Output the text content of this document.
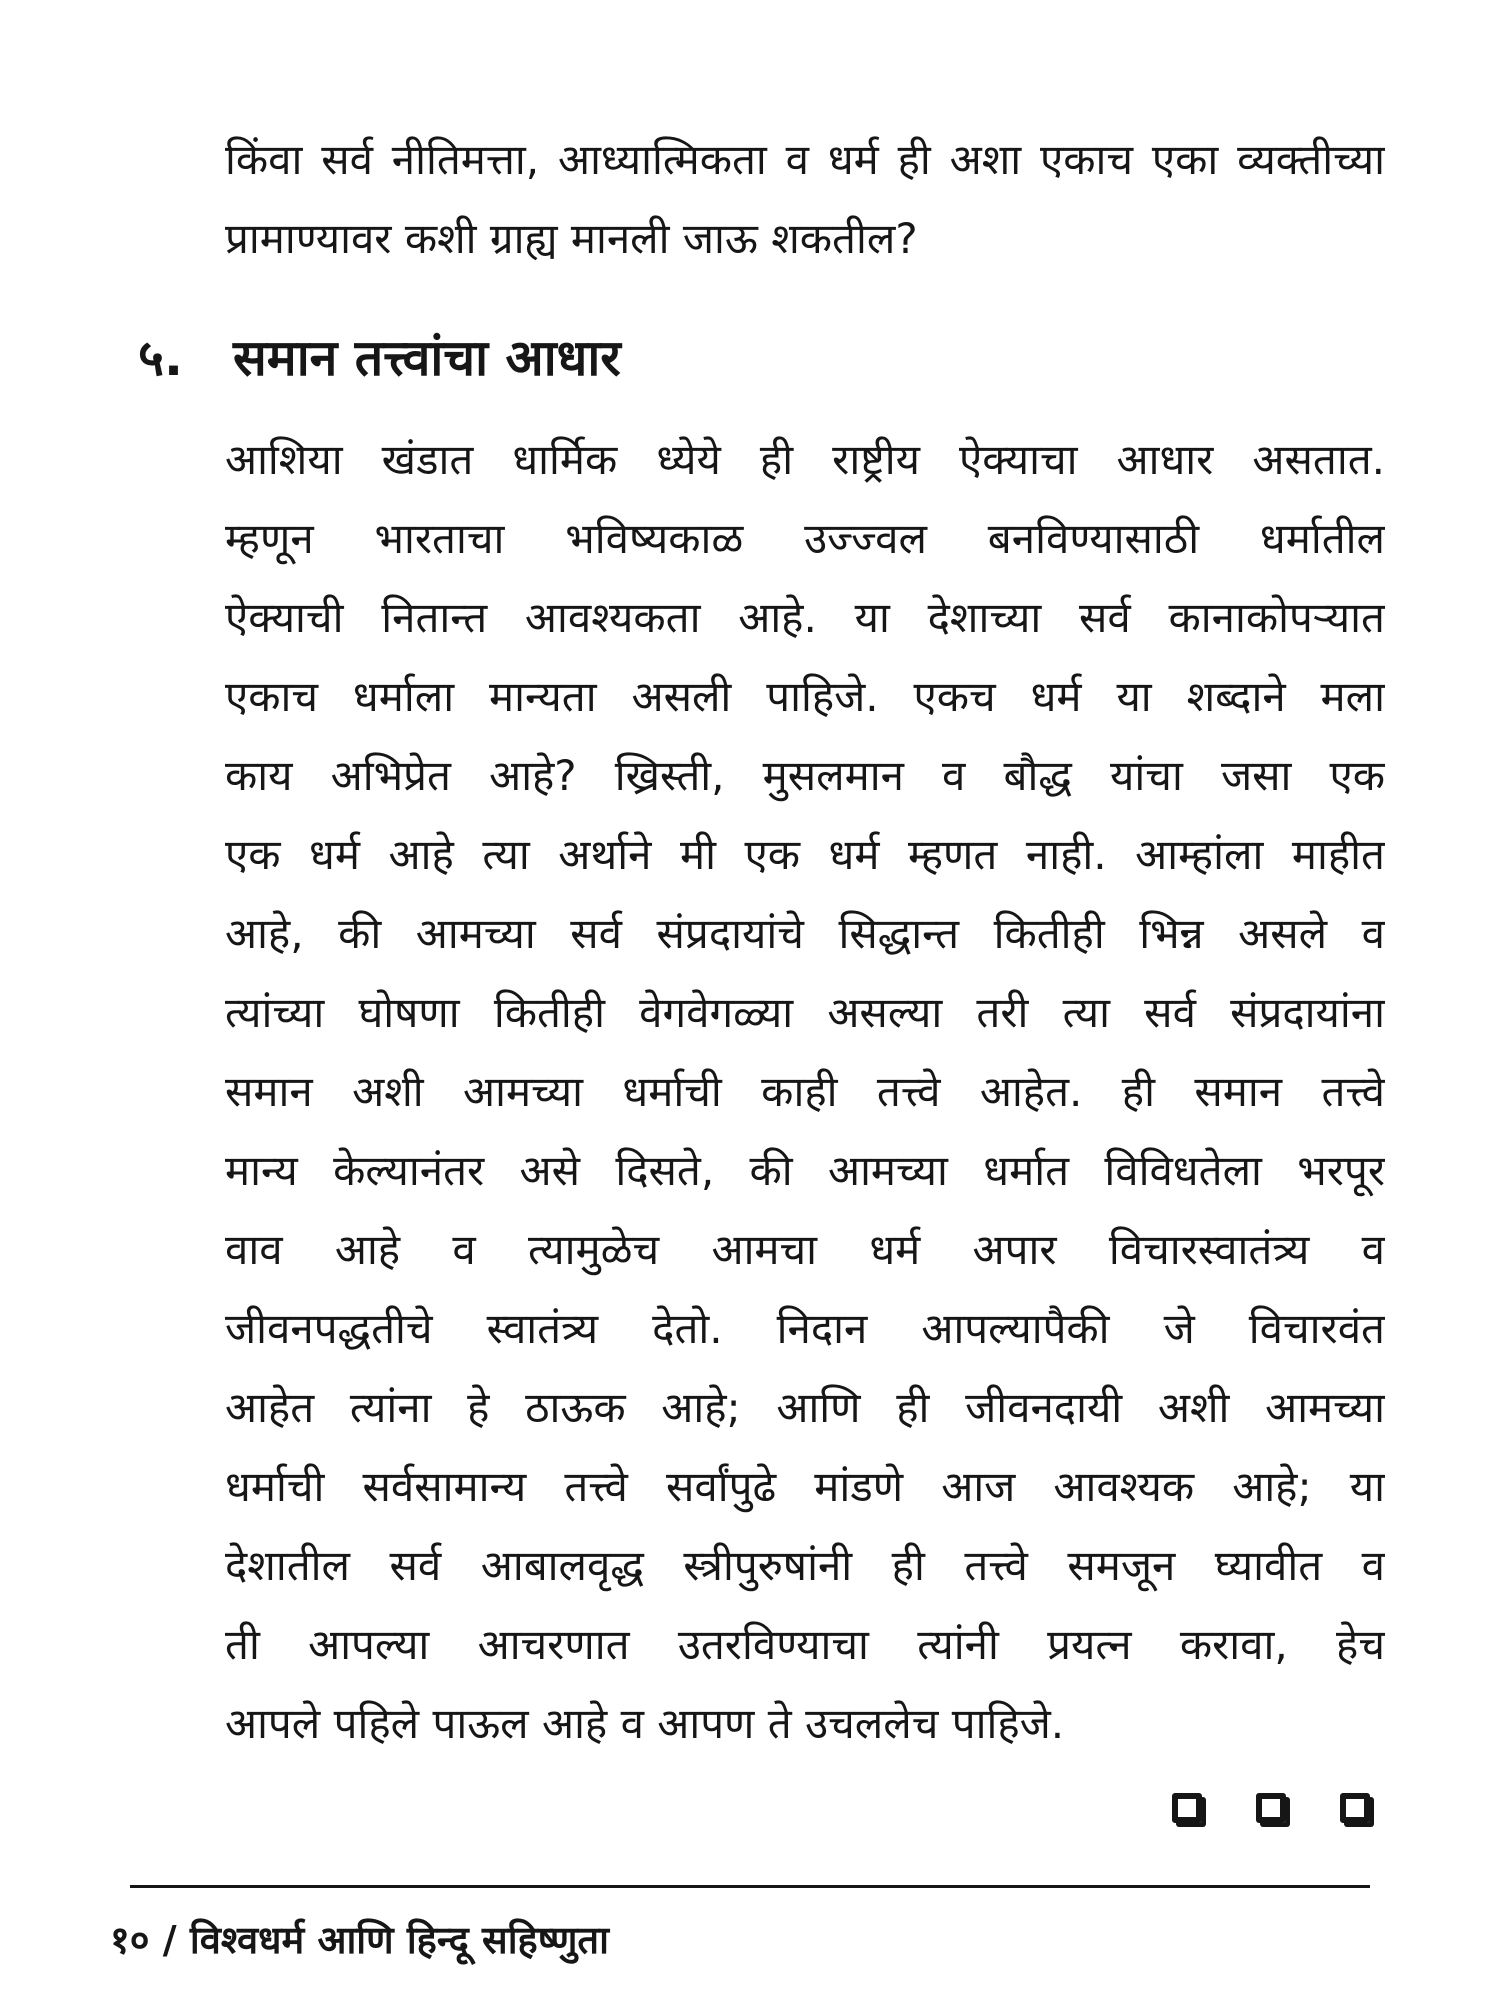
किंवा सर्व नीतिमत्ता, आध्यात्मिकता व धर्म ही अशा एकाच एका व्यक्तीच्या
प्रामाण्यावर कशी ग्राह्य मानली जाऊ शकतील?
५. समान तत्त्वांचा आधार
आशिया खंडात धार्मिक ध्येये ही राष्ट्रीय ऐक्याचा आधार असतात.
म्हणून भारताचा भविष्यकाळ उज्ज्वल बनविण्यासाठी धर्मातील
ऐक्याची नितान्त आवश्यकता आहे. या देशाच्या सर्व कानाकोपऱ्यात
एकाच धर्माला मान्यता असली पाहिजे. एकच धर्म या शब्दाने मला
काय अभिप्रेत आहे? ख्रिस्ती, मुसलमान व बौद्ध यांचा जसा एक
एक धर्म आहे त्या अर्थाने मी एक धर्म म्हणत नाही. आम्हांला माहीत
आहे, की आमच्या सर्व संप्रदायांचे सिद्धान्त कितीही भिन्न असले व
त्यांच्या घोषणा कितीही वेगवेगळ्या असल्या तरी त्या सर्व संप्रदायांना
समान अशी आमच्या धर्माची काही तत्त्वे आहेत. ही समान तत्त्वे
मान्य केल्यानंतर असे दिसते, की आमच्या धर्मात विविधतेला भरपूर
वाव आहे व त्यामुळेच आमचा धर्म अपार विचारस्वातंत्र्य व
जीवनपद्धतीचे स्वातंत्र्य देतो. निदान आपल्यापैकी जे विचारवंत
आहेत त्यांना हे ठाऊक आहे; आणि ही जीवनदायी अशी आमच्या
धर्माची सर्वसामान्य तत्त्वे सर्वांपुढे मांडणे आज आवश्यक आहे; या
देशातील सर्व आबालवृद्ध स्त्रीपुरुषांनी ही तत्त्वे समजून घ्यावीत व
ती आपल्या आचरणात उतरविण्याचा त्यांनी प्रयत्न करावा, हेच
आपले पहिले पाऊल आहे व आपण ते उचललेच पाहिजे.
१० / विश्वधर्म आणि हिन्दू सहिष्णुता
